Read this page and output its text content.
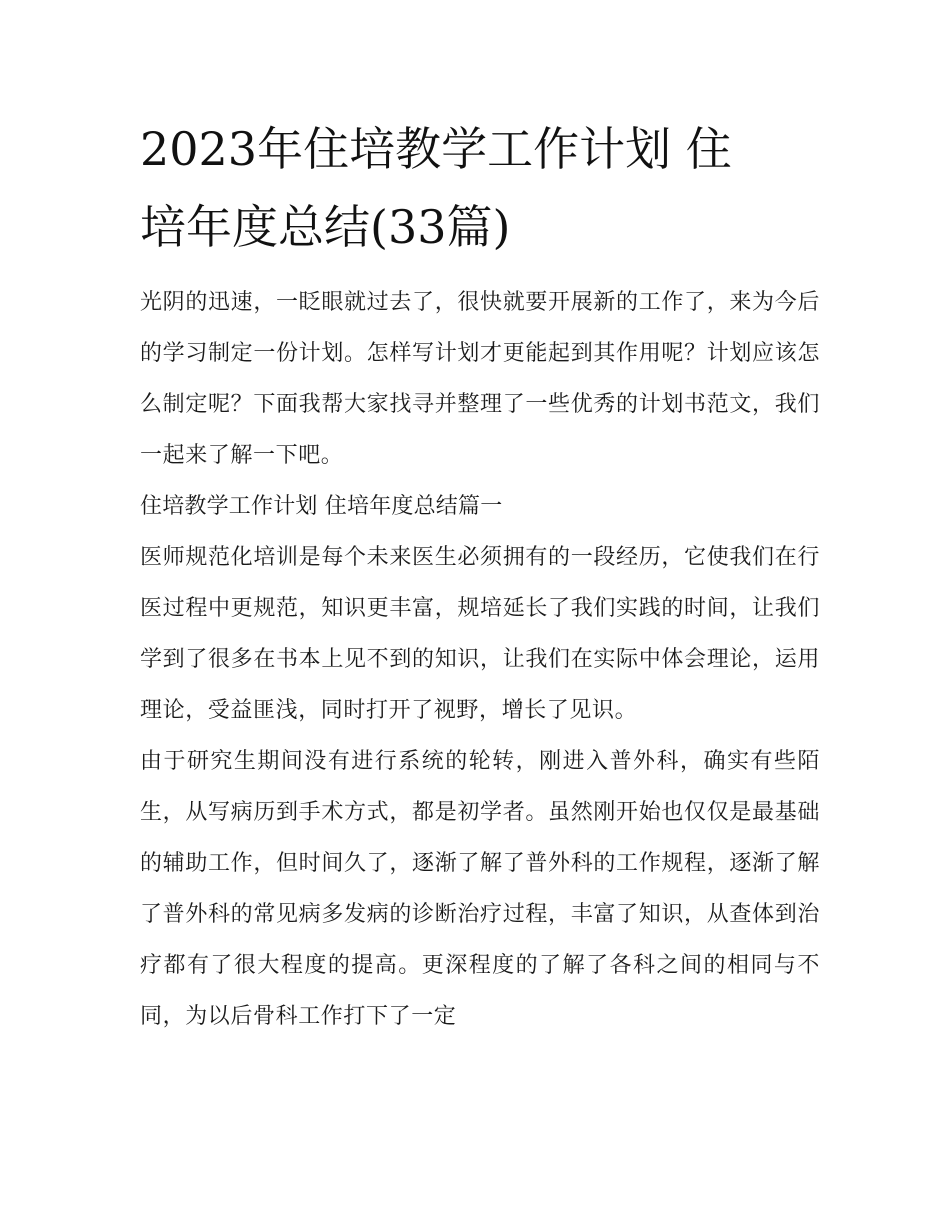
2023年住培教学工作计划 住
培年度总结(33篇)

光阴的迅速，一眨眼就过去了，很快就要开展新的工作了，来为今后的学习制定一份计划。怎样写计划才更能起到其作用呢？计划应该怎么制定呢？下面我帮大家找寻并整理了一些优秀的计划书范文，我们一起来了解一下吧。

住培教学工作计划 住培年度总结篇一

医师规范化培训是每个未来医生必须拥有的一段经历，它使我们在行医过程中更规范，知识更丰富，规培延长了我们实践的时间，让我们学到了很多在书本上见不到的知识，让我们在实际中体会理论，运用理论，受益匪浅，同时打开了视野，增长了见识。

由于研究生期间没有进行系统的轮转，刚进入普外科，确实有些陌生，从写病历到手术方式，都是初学者。虽然刚开始也仅仅是最基础的辅助工作，但时间久了，逐渐了解了普外科的工作规程，逐渐了解了普外科的常见病多发病的诊断治疗过程，丰富了知识，从查体到治疗都有了很大程度的提高。更深程度的了解了各科之间的相同与不同，为以后骨科工作打下了一定
